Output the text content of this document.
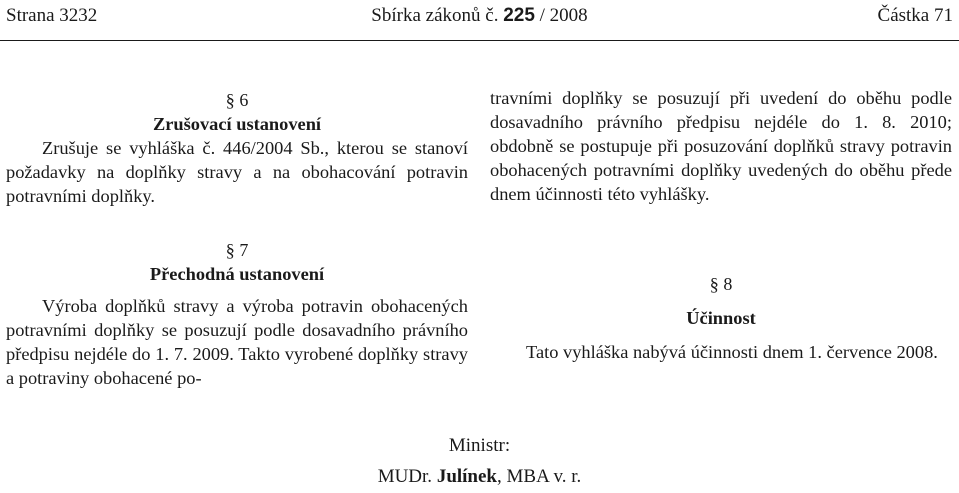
Strana 3232	Sbírka zákonů č. 225 / 2008	Částka 71
§ 6
Zrušovací ustanovení

Zrušuje se vyhláška č. 446/2004 Sb., kterou se stanoví požadavky na doplňky stravy a na obohacování potravin potravními doplňky.

§ 7
Přechodná ustanovení

Výroba doplňků stravy a výroba potravin obohacených potravními doplňky se posuzují podle dosavadního právního předpisu nejdéle do 1. 7. 2009. Takto vyrobené doplňky stravy a potraviny obohacené po-

travními doplňky se posuzují při uvedení do oběhu podle dosavadního právního předpisu nejdéle do 1. 8. 2010; obdobně se postupuje při posuzování doplňků stravy potravin obohacených potravními doplňky uvedených do oběhu přede dnem účinnosti této vyhlášky.

§ 8
Účinnost

Tato vyhláška nabývá účinnosti dnem 1. července 2008.

Ministr:
MUDr. Julínek, MBA v. r.
